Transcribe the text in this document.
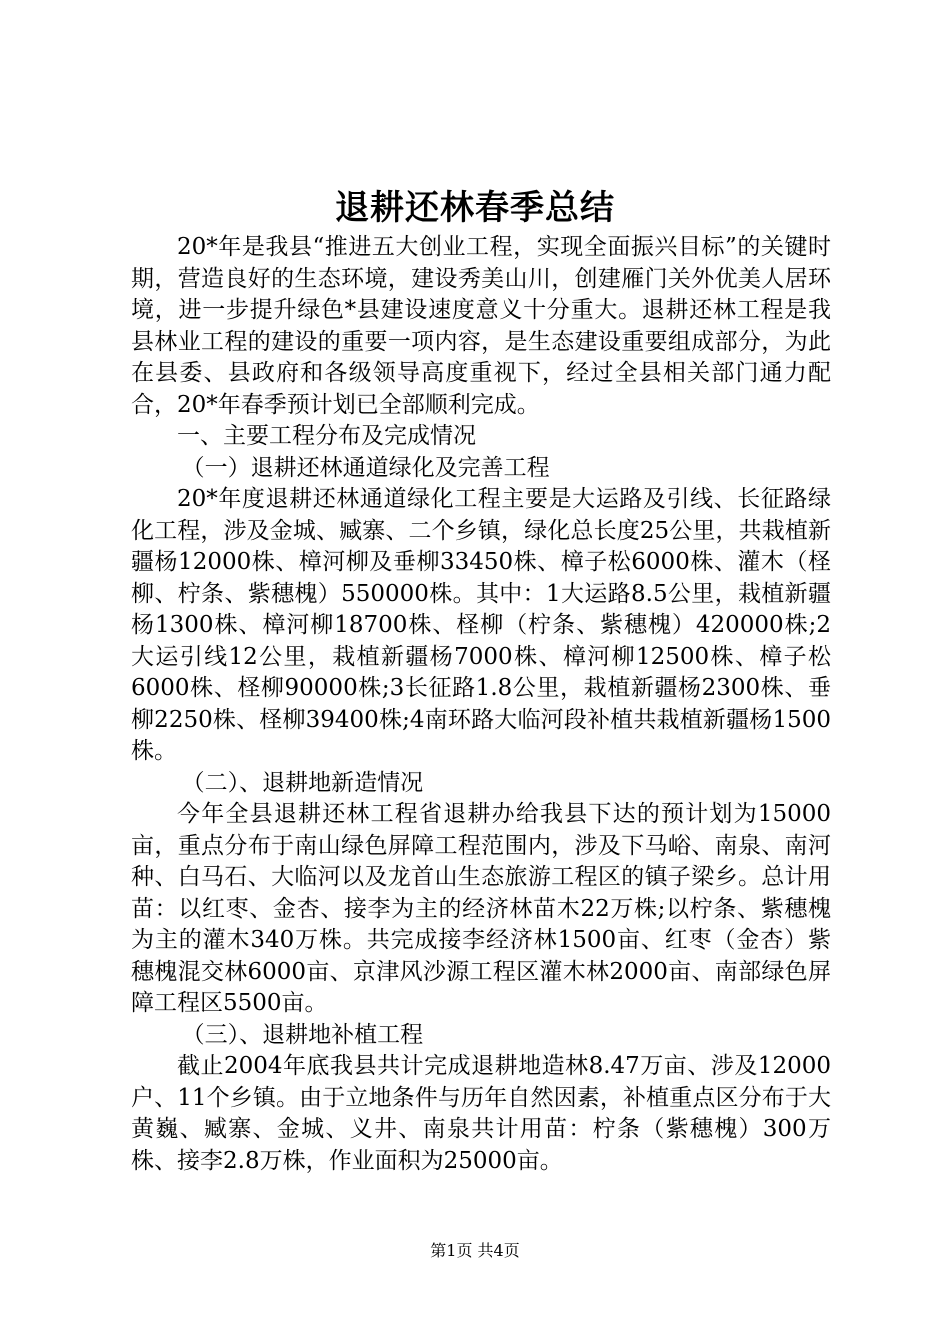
退耕还林春季总结

20*年是我县“推进五大创业工程，实现全面振兴目标”的关键时期，营造良好的生态环境，建设秀美山川，创建雁门关外优美人居环境，进一步提升绿色*县建设速度意义十分重大。退耕还林工程是我县林业工程的建设的重要一项内容，是生态建设重要组成部分，为此在县委、县政府和各级领导高度重视下，经过全县相关部门通力配合，20*年春季预计划已全部顺利完成。

一、主要工程分布及完成情况

（一）退耕还林通道绿化及完善工程

20*年度退耕还林通道绿化工程主要是大运路及引线、长征路绿化工程，涉及金城、臧寨、二个乡镇，绿化总长度25公里，共栽植新疆杨12000株、樟河柳及垂柳33450株、樟子松6000株、灌木（柽柳、柠条、紫穗槐）550000株。其中：1大运路8.5公里，栽植新疆杨1300株、樟河柳18700株、柽柳（柠条、紫穗槐）420000株;2大运引线12公里，栽植新疆杨7000株、樟河柳12500株、樟子松6000株、柽柳90000株;3长征路1.8公里，栽植新疆杨2300株、垂柳2250株、柽柳39400株;4南环路大临河段补植共栽植新疆杨1500株。

（二）、退耕地新造情况

今年全县退耕还林工程省退耕办给我县下达的预计划为15000亩，重点分布于南山绿色屏障工程范围内，涉及下马峪、南泉、南河种、白马石、大临河以及龙首山生态旅游工程区的镇子梁乡。总计用苗：以红枣、金杏、接李为主的经济林苗木22万株;以柠条、紫穗槐为主的灌木340万株。共完成接李经济林1500亩、红枣（金杏）紫穗槐混交林6000亩、京津风沙源工程区灌木林2000亩、南部绿色屏障工程区5500亩。

（三）、退耕地补植工程

截止2004年底我县共计完成退耕地造林8.47万亩、涉及12000户、11个乡镇。由于立地条件与历年自然因素，补植重点区分布于大黄巍、臧寨、金城、义井、南泉共计用苗：柠条（紫穗槐）300万株、接李2.8万株，作业面积为25000亩。

第1页 共4页
